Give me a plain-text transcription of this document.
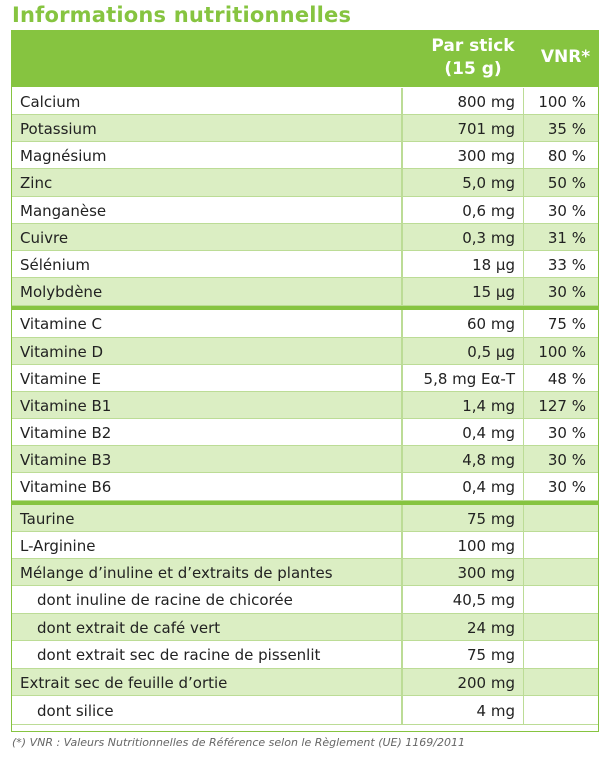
Informations nutritionnelles
Par stick
(15 g)
VNR*
Calcium	800 mg	100 %
Potassium	701 mg	35 %
Magnésium	300 mg	80 %
Zinc	5,0 mg	50 %
Manganèse	0,6 mg	30 %
Cuivre	0,3 mg	31 %
Sélénium	18 µg	33 %
Molybdène	15 µg	30 %
Vitamine C	60 mg	75 %
Vitamine D	0,5 µg	100 %
Vitamine E	5,8 mg Eα-T	48 %
Vitamine B1	1,4 mg	127 %
Vitamine B2	0,4 mg	30 %
Vitamine B3	4,8 mg	30 %
Vitamine B6	0,4 mg	30 %
Taurine	75 mg
L-Arginine	100 mg
Mélange d’inuline et d’extraits de plantes	300 mg
dont inuline de racine de chicorée	40,5 mg
dont extrait de café vert	24 mg
dont extrait sec de racine de pissenlit	75 mg
Extrait sec de feuille d’ortie	200 mg
dont silice	4 mg
(*) VNR : Valeurs Nutritionnelles de Référence selon le Règlement (UE) 1169/2011
